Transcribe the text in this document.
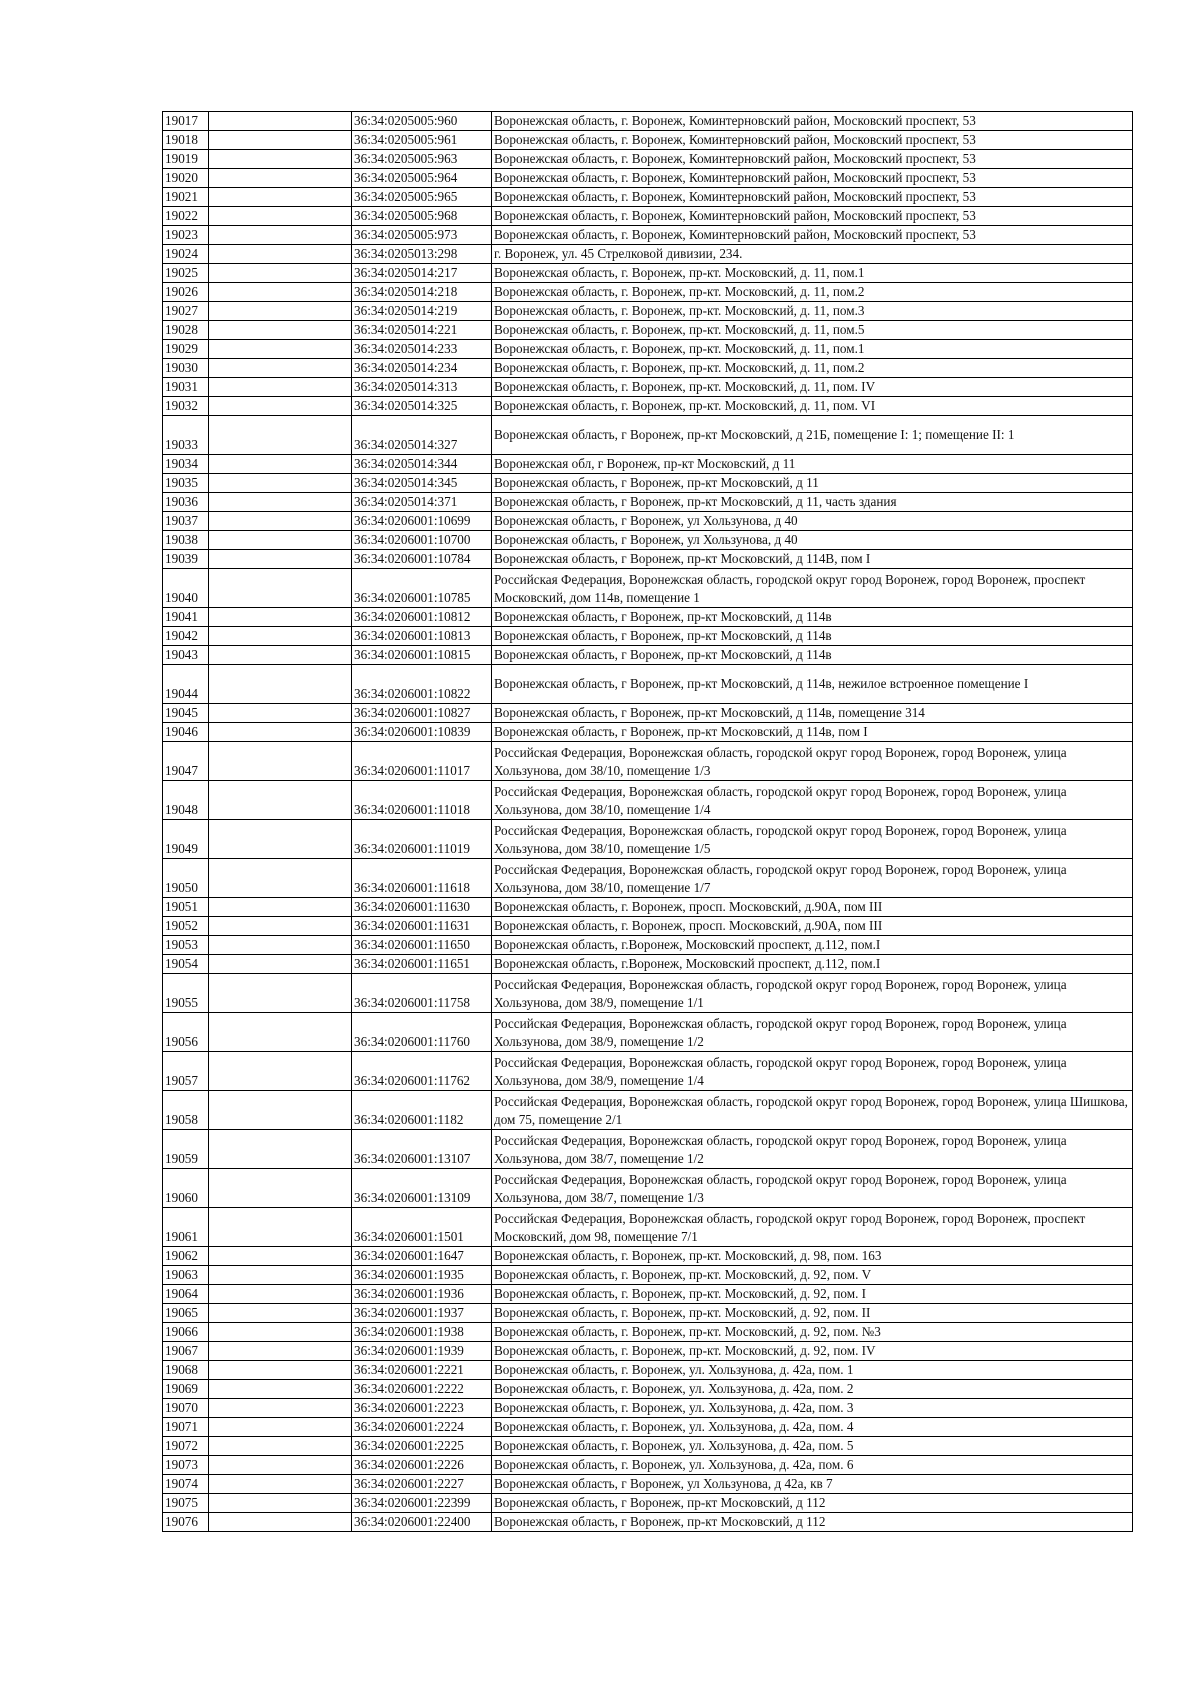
19017		36:34:0205005:960	Воронежская область, г. Воронеж, Коминтерновский район, Московский проспект, 53
19018		36:34:0205005:961	Воронежская область, г. Воронеж, Коминтерновский район, Московский проспект, 53
19019		36:34:0205005:963	Воронежская область, г. Воронеж, Коминтерновский район, Московский проспект, 53
19020		36:34:0205005:964	Воронежская область, г. Воронеж, Коминтерновский район, Московский проспект, 53
19021		36:34:0205005:965	Воронежская область, г. Воронеж, Коминтерновский район, Московский проспект, 53
19022		36:34:0205005:968	Воронежская область, г. Воронеж, Коминтерновский район, Московский проспект, 53
19023		36:34:0205005:973	Воронежская область, г. Воронеж, Коминтерновский район, Московский проспект, 53
19024		36:34:0205013:298	г. Воронеж, ул. 45 Стрелковой дивизии, 234.
19025		36:34:0205014:217	Воронежская область, г. Воронеж, пр-кт. Московский, д. 11, пом.1
19026		36:34:0205014:218	Воронежская область, г. Воронеж, пр-кт. Московский, д. 11, пом.2
19027		36:34:0205014:219	Воронежская область, г. Воронеж, пр-кт. Московский, д. 11, пом.3
19028		36:34:0205014:221	Воронежская область, г. Воронеж, пр-кт. Московский, д. 11, пом.5
19029		36:34:0205014:233	Воронежская область, г. Воронеж, пр-кт. Московский, д. 11, пом.1
19030		36:34:0205014:234	Воронежская область, г. Воронеж, пр-кт. Московский, д. 11, пом.2
19031		36:34:0205014:313	Воронежская область, г. Воронеж, пр-кт. Московский, д. 11, пом. IV
19032		36:34:0205014:325	Воронежская область, г. Воронеж, пр-кт. Московский, д. 11, пом. VI
19033		36:34:0205014:327	Воронежская область, г Воронеж, пр-кт Московский, д 21Б, помещение I: 1; помещение II: 1
19034		36:34:0205014:344	Воронежская обл, г Воронеж, пр-кт Московский, д 11
19035		36:34:0205014:345	Воронежская область, г Воронеж, пр-кт Московский, д 11
19036		36:34:0205014:371	Воронежская область, г Воронеж, пр-кт Московский, д 11, часть здания
19037		36:34:0206001:10699	Воронежская область, г Воронеж, ул Хользунова, д 40
19038		36:34:0206001:10700	Воронежская область, г Воронеж, ул Хользунова, д 40
19039		36:34:0206001:10784	Воронежская область, г Воронеж, пр-кт Московский, д 114В, пом I
19040		36:34:0206001:10785	Российская Федерация, Воронежская область, городской округ город Воронеж, город Воронеж, проспект Московский, дом 114в, помещение 1
19041		36:34:0206001:10812	Воронежская область, г Воронеж, пр-кт Московский, д 114в
19042		36:34:0206001:10813	Воронежская область, г Воронеж, пр-кт Московский, д 114в
19043		36:34:0206001:10815	Воронежская область, г Воронеж, пр-кт Московский, д 114в
19044		36:34:0206001:10822	Воронежская область, г Воронеж, пр-кт Московский, д 114в, нежилое встроенное помещение I
19045		36:34:0206001:10827	Воронежская область, г Воронеж, пр-кт Московский, д 114в, помещение 314
19046		36:34:0206001:10839	Воронежская область, г Воронеж, пр-кт Московский, д 114в, пом I
19047		36:34:0206001:11017	Российская Федерация, Воронежская область, городской округ город Воронеж, город Воронеж, улица Хользунова, дом 38/10, помещение 1/3
19048		36:34:0206001:11018	Российская Федерация, Воронежская область, городской округ город Воронеж, город Воронеж, улица Хользунова, дом 38/10, помещение 1/4
19049		36:34:0206001:11019	Российская Федерация, Воронежская область, городской округ город Воронеж, город Воронеж, улица Хользунова, дом 38/10, помещение 1/5
19050		36:34:0206001:11618	Российская Федерация, Воронежская область, городской округ город Воронеж, город Воронеж, улица Хользунова, дом 38/10, помещение 1/7
19051		36:34:0206001:11630	Воронежская область, г. Воронеж, просп. Московский, д.90А, пом III
19052		36:34:0206001:11631	Воронежская область, г. Воронеж, просп. Московский, д.90А, пом III
19053		36:34:0206001:11650	Воронежская область, г.Воронеж, Московский проспект, д.112, пом.I
19054		36:34:0206001:11651	Воронежская область, г.Воронеж, Московский проспект, д.112, пом.I
19055		36:34:0206001:11758	Российская Федерация, Воронежская область, городской округ город Воронеж, город Воронеж, улица Хользунова, дом 38/9, помещение 1/1
19056		36:34:0206001:11760	Российская Федерация, Воронежская область, городской округ город Воронеж, город Воронеж, улица Хользунова, дом 38/9, помещение 1/2
19057		36:34:0206001:11762	Российская Федерация, Воронежская область, городской округ город Воронеж, город Воронеж, улица Хользунова, дом 38/9, помещение 1/4
19058		36:34:0206001:1182	Российская Федерация, Воронежская область, городской округ город Воронеж, город Воронеж, улица Шишкова, дом 75, помещение 2/1
19059		36:34:0206001:13107	Российская Федерация, Воронежская область, городской округ город Воронеж, город Воронеж, улица Хользунова, дом 38/7, помещение 1/2
19060		36:34:0206001:13109	Российская Федерация, Воронежская область, городской округ город Воронеж, город Воронеж, улица Хользунова, дом 38/7, помещение 1/3
19061		36:34:0206001:1501	Российская Федерация, Воронежская область, городской округ город Воронеж, город Воронеж, проспект Московский, дом 98, помещение 7/1
19062		36:34:0206001:1647	Воронежская область, г. Воронеж, пр-кт. Московский, д. 98, пом. 163
19063		36:34:0206001:1935	Воронежская область, г. Воронеж, пр-кт. Московский, д. 92, пом. V
19064		36:34:0206001:1936	Воронежская область, г. Воронеж, пр-кт. Московский, д. 92, пом. I
19065		36:34:0206001:1937	Воронежская область, г. Воронеж, пр-кт. Московский, д. 92, пом. II
19066		36:34:0206001:1938	Воронежская область, г. Воронеж, пр-кт. Московский, д. 92, пом. №3
19067		36:34:0206001:1939	Воронежская область, г. Воронеж, пр-кт. Московский, д. 92, пом. IV
19068		36:34:0206001:2221	Воронежская область, г. Воронеж, ул. Хользунова, д. 42а, пом. 1
19069		36:34:0206001:2222	Воронежская область, г. Воронеж, ул. Хользунова, д. 42а, пом. 2
19070		36:34:0206001:2223	Воронежская область, г. Воронеж, ул. Хользунова, д. 42а, пом. 3
19071		36:34:0206001:2224	Воронежская область, г. Воронеж, ул. Хользунова, д. 42а, пом. 4
19072		36:34:0206001:2225	Воронежская область, г. Воронеж, ул. Хользунова, д. 42а, пом. 5
19073		36:34:0206001:2226	Воронежская область, г. Воронеж, ул. Хользунова, д. 42а, пом. 6
19074		36:34:0206001:2227	Воронежская область, г Воронеж, ул Хользунова, д 42а, кв 7
19075		36:34:0206001:22399	Воронежская область, г Воронеж, пр-кт Московский, д 112
19076		36:34:0206001:22400	Воронежская область, г Воронеж, пр-кт Московский, д 112
